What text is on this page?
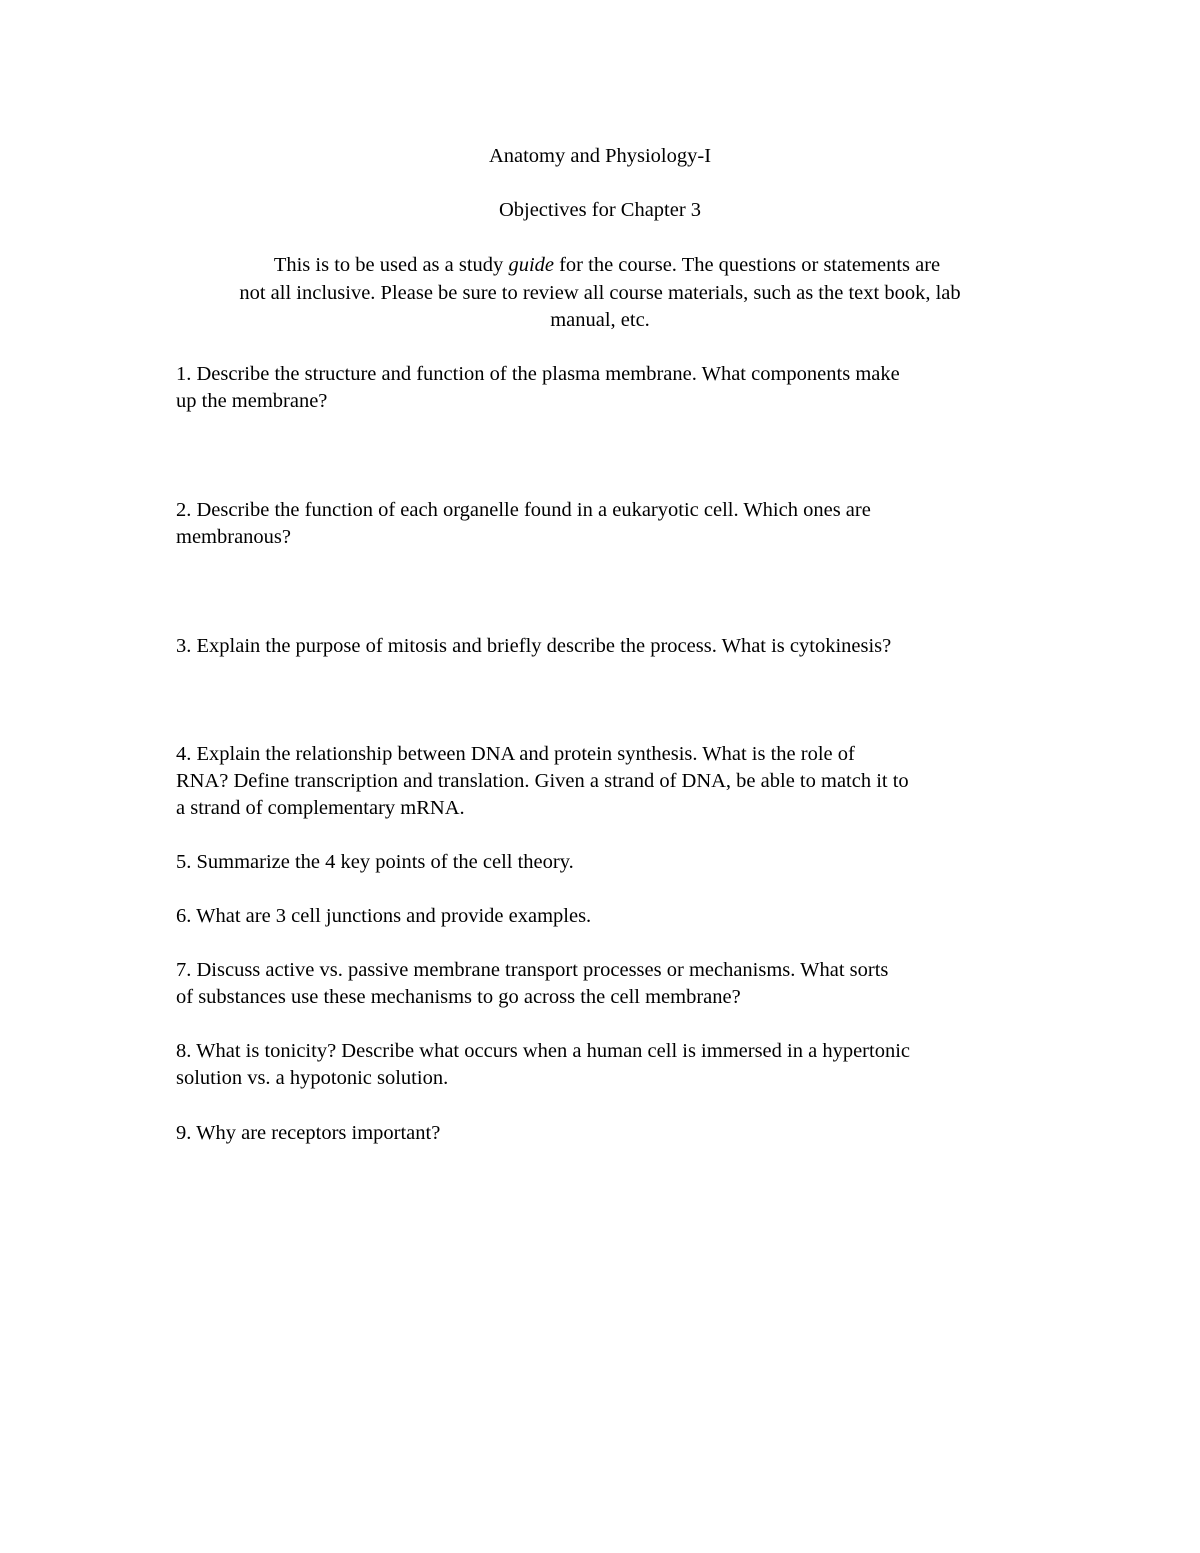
Anatomy and Physiology-I
Objectives for Chapter 3
This is to be used as a study guide for the course. The questions or statements are
not all inclusive. Please be sure to review all course materials, such as the text book, lab
manual, etc.
1. Describe the structure and function of the plasma membrane. What components make
up the membrane?
2. Describe the function of each organelle found in a eukaryotic cell. Which ones are
membranous?
3. Explain the purpose of mitosis and briefly describe the process. What is cytokinesis?
4. Explain the relationship between DNA and protein synthesis. What is the role of
RNA? Define transcription and translation. Given a strand of DNA, be able to match it to
a strand of complementary mRNA.
5. Summarize the 4 key points of the cell theory.
6. What are 3 cell junctions and provide examples.
7. Discuss active vs. passive membrane transport processes or mechanisms. What sorts
of substances use these mechanisms to go across the cell membrane?
8. What is tonicity? Describe what occurs when a human cell is immersed in a hypertonic
solution vs. a hypotonic solution.
9. Why are receptors important?
